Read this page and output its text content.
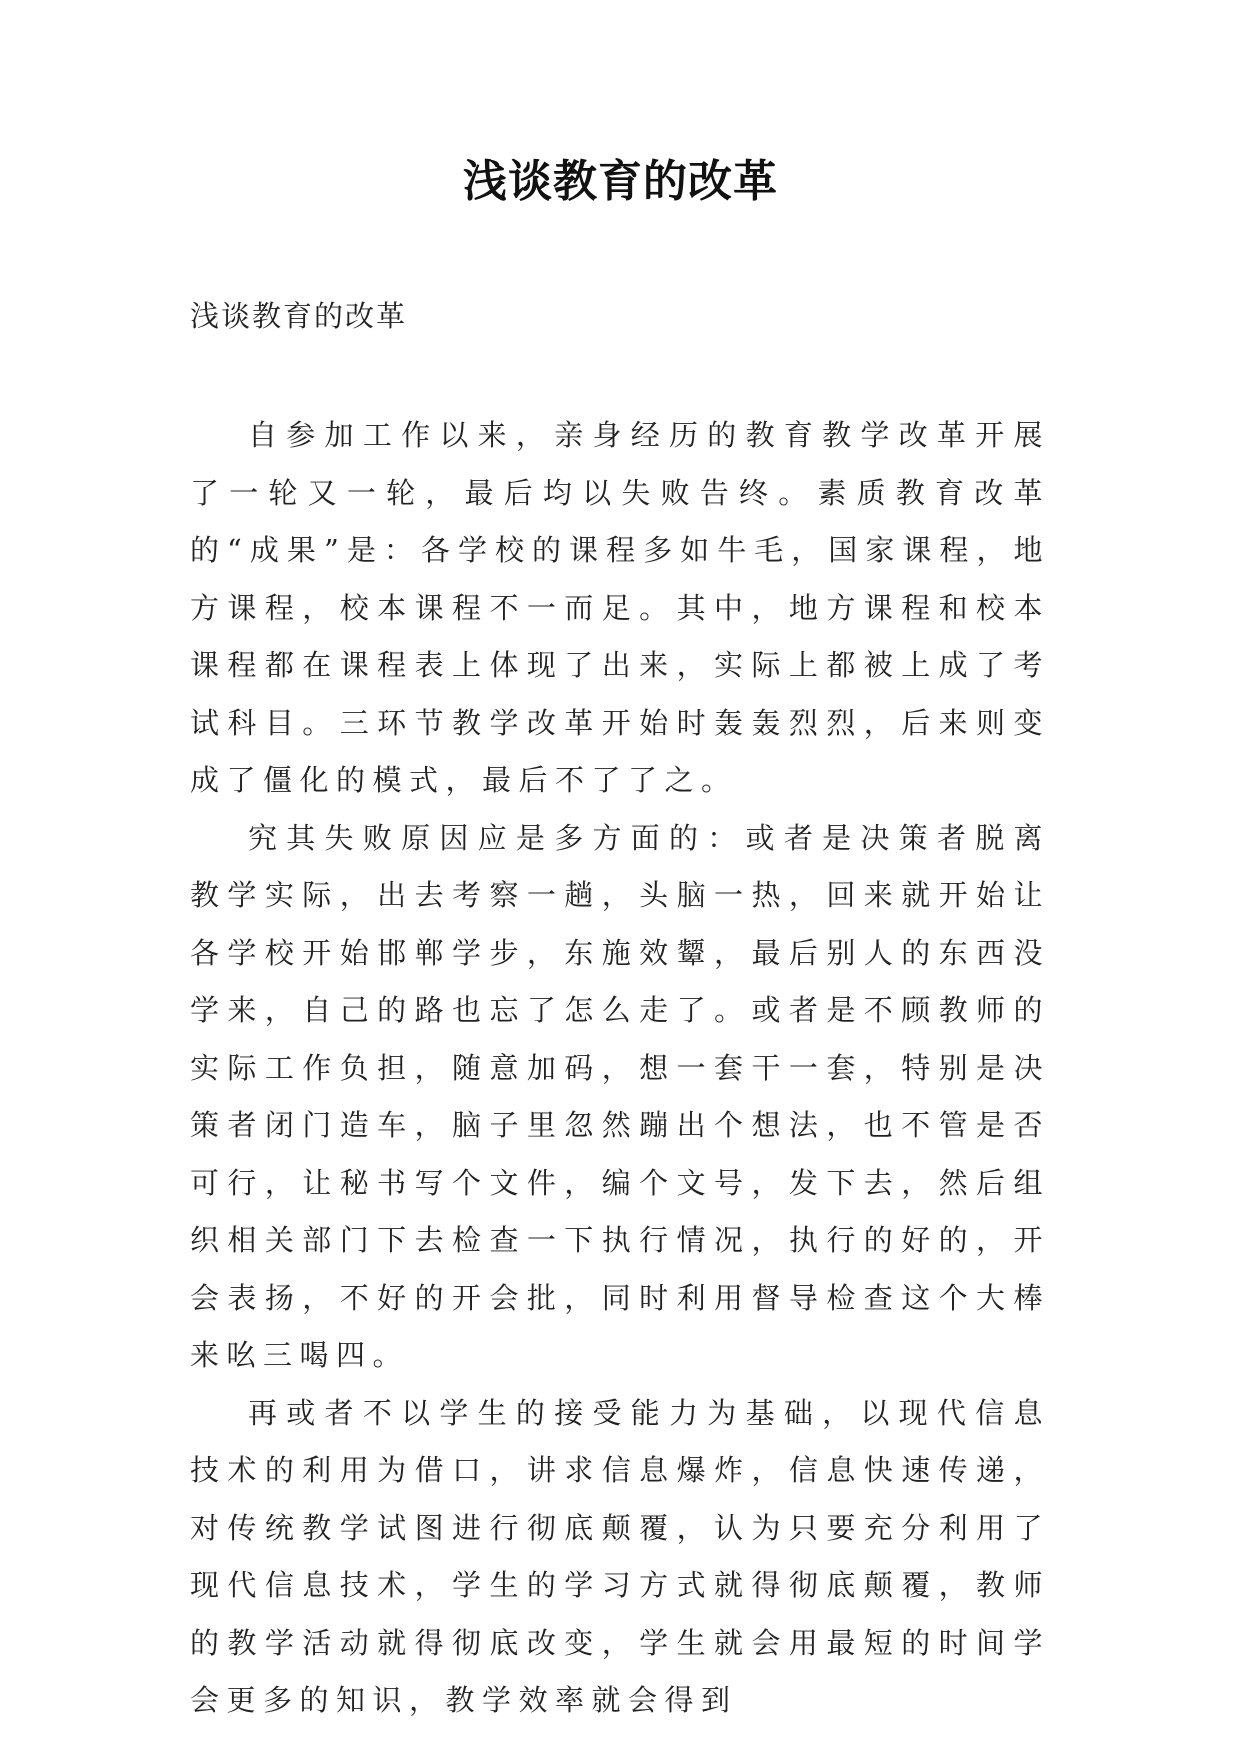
浅谈教育的改革
浅谈教育的改革

自参加工作以来，亲身经历的教育教学改革开展了一轮又一轮，最后均以失败告终。素质教育改革的“成果”是：各学校的课程多如牛毛，国家课程，地方课程，校本课程不一而足。其中，地方课程和校本课程都在课程表上体现了出来，实际上都被上成了考试科目。三环节教学改革开始时轰轰烈烈，后来则变成了僵化的模式，最后不了了之。

究其失败原因应是多方面的：或者是决策者脱离教学实际，出去考察一趟，头脑一热，回来就开始让各学校开始邯郸学步，东施效颦，最后别人的东西没学来，自己的路也忘了怎么走了。或者是不顾教师的实际工作负担，随意加码，想一套干一套，特别是决策者闭门造车，脑子里忽然蹦出个想法，也不管是否可行，让秘书写个文件，编个文号，发下去，然后组织相关部门下去检查一下执行情况，执行的好的，开会表扬，不好的开会批，同时利用督导检查这个大棒来吆三喝四。

再或者不以学生的接受能力为基础，以现代信息技术的利用为借口，讲求信息爆炸，信息快速传递，对传统教学试图进行彻底颠覆，认为只要充分利用了现代信息技术，学生的学习方式就得彻底颠覆，教师的教学活动就得彻底改变，学生就会用最短的时间学会更多的知识，教学效率就会得到
